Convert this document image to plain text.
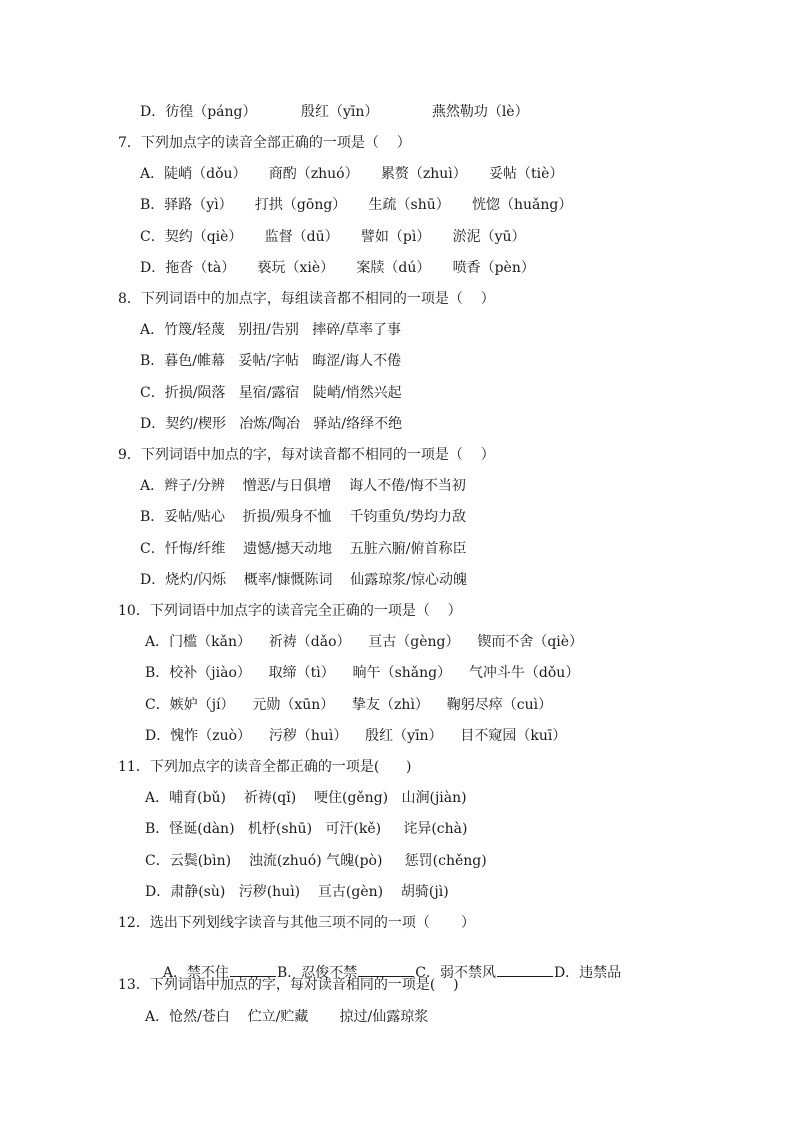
D．彷徨（páng）          殷红（yīn）            燕然勒功（lè）
7．下列加点字的读音全部正确的一项是（    ）
A．陡峭（dǒu）     商酌（zhuó）     累赘（zhuì）     妥帖（tiè）
B．驿路（yì）     打拱（gōng）     生疏（shū）     恍惚（huǎng）
C．契约（qiè）     监督（dū）     譬如（pì）     淤泥（yū）
D．拖沓（tà）     亵玩（xiè）     案牍（dú）     喷香（pèn）
8．下列词语中的加点字，每组读音都不相同的一项是（    ）
A．竹篾/轻蔑   别扭/告别   摔碎/草率了事
B．暮色/帷幕   妥帖/字帖   晦涩/诲人不倦
C．折损/陨落   星宿/露宿   陡峭/悄然兴起
D．契约/楔形   冶炼/陶冶   驿站/络绎不绝
9．下列词语中加点的字，每对读音都不相同的一项是（    ）
A．辫子/分辨    憎恶/与日俱增    诲人不倦/悔不当初
B．妥帖/贴心    折损/殒身不恤    千钧重负/势均力敌
C．忏悔/纤维    遗憾/撼天动地    五脏六腑/俯首称臣
D．烧灼/闪烁    概率/慷慨陈词    仙露琼浆/惊心动魄
10．下列词语中加点字的读音完全正确的一项是（    ）
A．门槛（kǎn）    祈祷（dǎo）    亘古（gèng）    锲而不舍（qiè）
B．校补（jiào）    取缔（tì）    晌午（shǎng）    气冲斗牛（dǒu）
C．嫉妒（jí）    元勋（xūn）    挚友（zhì）    鞠躬尽瘁（cuì）
D．愧怍（zuò）    污秽（huì）    殷红（yīn）    目不窥园（kuī）
11．下列加点字的读音全都正确的一项是(      )
A．哺育(bǔ)    祈祷(qǐ)    哽住(gěng)   山涧(jiàn)
B．怪诞(dàn)   机杼(shū)   可汗(kě)     诧异(chà)
C．云鬓(bìn)    浊流(zhuó) 气魄(pò)     惩罚(chěng)
D．肃静(sù)   污秽(huì)    亘古(gèn)    胡骑(jì)
12．选出下列划线字读音与其他三项不同的一项（       ）
13．下列词语中加点的字，每对读音相同的一项是(    )
A．怆然/苍白    伫立/贮藏       掠过/仙露琼浆

A．禁不住	B．忍俊不禁	C．弱不禁风	D．违禁品
